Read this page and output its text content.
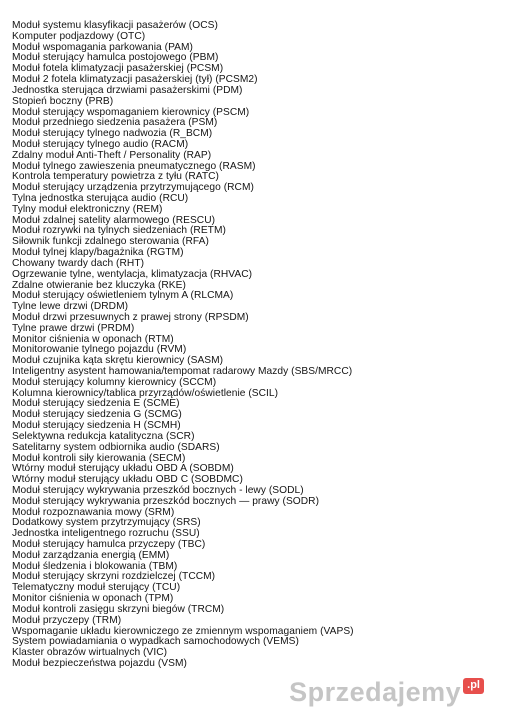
Moduł systemu klasyfikacji pasażerów (OCS)
Komputer podjazdowy (OTC)
Moduł wspomagania parkowania (PAM)
Moduł sterujący hamulca postojowego (PBM)
Moduł fotela klimatyzacji pasażerskiej (PCSM)
Moduł 2 fotela klimatyzacji pasażerskiej (tył) (PCSM2)
Jednostka sterująca drzwiami pasażerskimi (PDM)
Stopień boczny (PRB)
Moduł sterujący wspomaganiem kierownicy (PSCM)
Moduł przedniego siedzenia pasażera (PSM)
Moduł sterujący tylnego nadwozia (R_BCM)
Moduł sterujący tylnego audio (RACM)
Zdalny moduł Anti-Theft / Personality (RAP)
Moduł tylnego zawieszenia pneumatycznego (RASM)
Kontrola temperatury powietrza z tyłu (RATC)
Moduł sterujący urządzenia przytrzymującego (RCM)
Tylna jednostka sterująca audio (RCU)
Tylny moduł elektroniczny (REM)
Moduł zdalnej satelity alarmowego (RESCU)
Moduł rozrywki na tylnych siedzeniach (RETM)
Siłownik funkcji zdalnego sterowania (RFA)
Moduł tylnej klapy/bagażnika (RGTM)
Chowany twardy dach (RHT)
Ogrzewanie tylne, wentylacja, klimatyzacja (RHVAC)
Zdalne otwieranie bez kluczyka (RKE)
Moduł sterujący oświetleniem tylnym A (RLCMA)
Tylne lewe drzwi (DRDM)
Moduł drzwi przesuwnych z prawej strony (RPSDM)
Tylne prawe drzwi (PRDM)
Monitor ciśnienia w oponach (RTM)
Monitorowanie tylnego pojazdu (RVM)
Moduł czujnika kąta skrętu kierownicy (SASM)
Inteligentny asystent hamowania/tempomat radarowy Mazdy (SBS/MRCC)
Moduł sterujący kolumny kierownicy (SCCM)
Kolumna kierownicy/tablica przyrządów/oświetlenie (SCIL)
Moduł sterujący siedzenia E (SCME)
Moduł sterujący siedzenia G (SCMG)
Moduł sterujący siedzenia H (SCMH)
Selektywna redukcja katalityczna (SCR)
Satelitarny system odbiornika audio (SDARS)
Moduł kontroli siły kierowania (SECM)
Wtórny moduł sterujący układu OBD A (SOBDM)
Wtórny moduł sterujący układu OBD C (SOBDMC)
Moduł sterujący wykrywania przeszkód bocznych - lewy (SODL)
Moduł sterujący wykrywania przeszkód bocznych — prawy (SODR)
Moduł rozpoznawania mowy (SRM)
Dodatkowy system przytrzymujący (SRS)
Jednostka inteligentnego rozruchu (SSU)
Moduł sterujący hamulca przyczepy (TBC)
Moduł zarządzania energią (EMM)
Moduł śledzenia i blokowania (TBM)
Moduł sterujący skrzyni rozdzielczej (TCCM)
Telematyczny moduł sterujący (TCU)
Monitor ciśnienia w oponach (TPM)
Moduł kontroli zasięgu skrzyni biegów (TRCM)
Moduł przyczepy (TRM)
Wspomaganie układu kierowniczego ze zmiennym wspomaganiem (VAPS)
System powiadamiania o wypadkach samochodowych (VEMS)
Klaster obrazów wirtualnych (VIC)
Moduł bezpieczeństwa pojazdu (VSM)
Sprzedajemy .pl
